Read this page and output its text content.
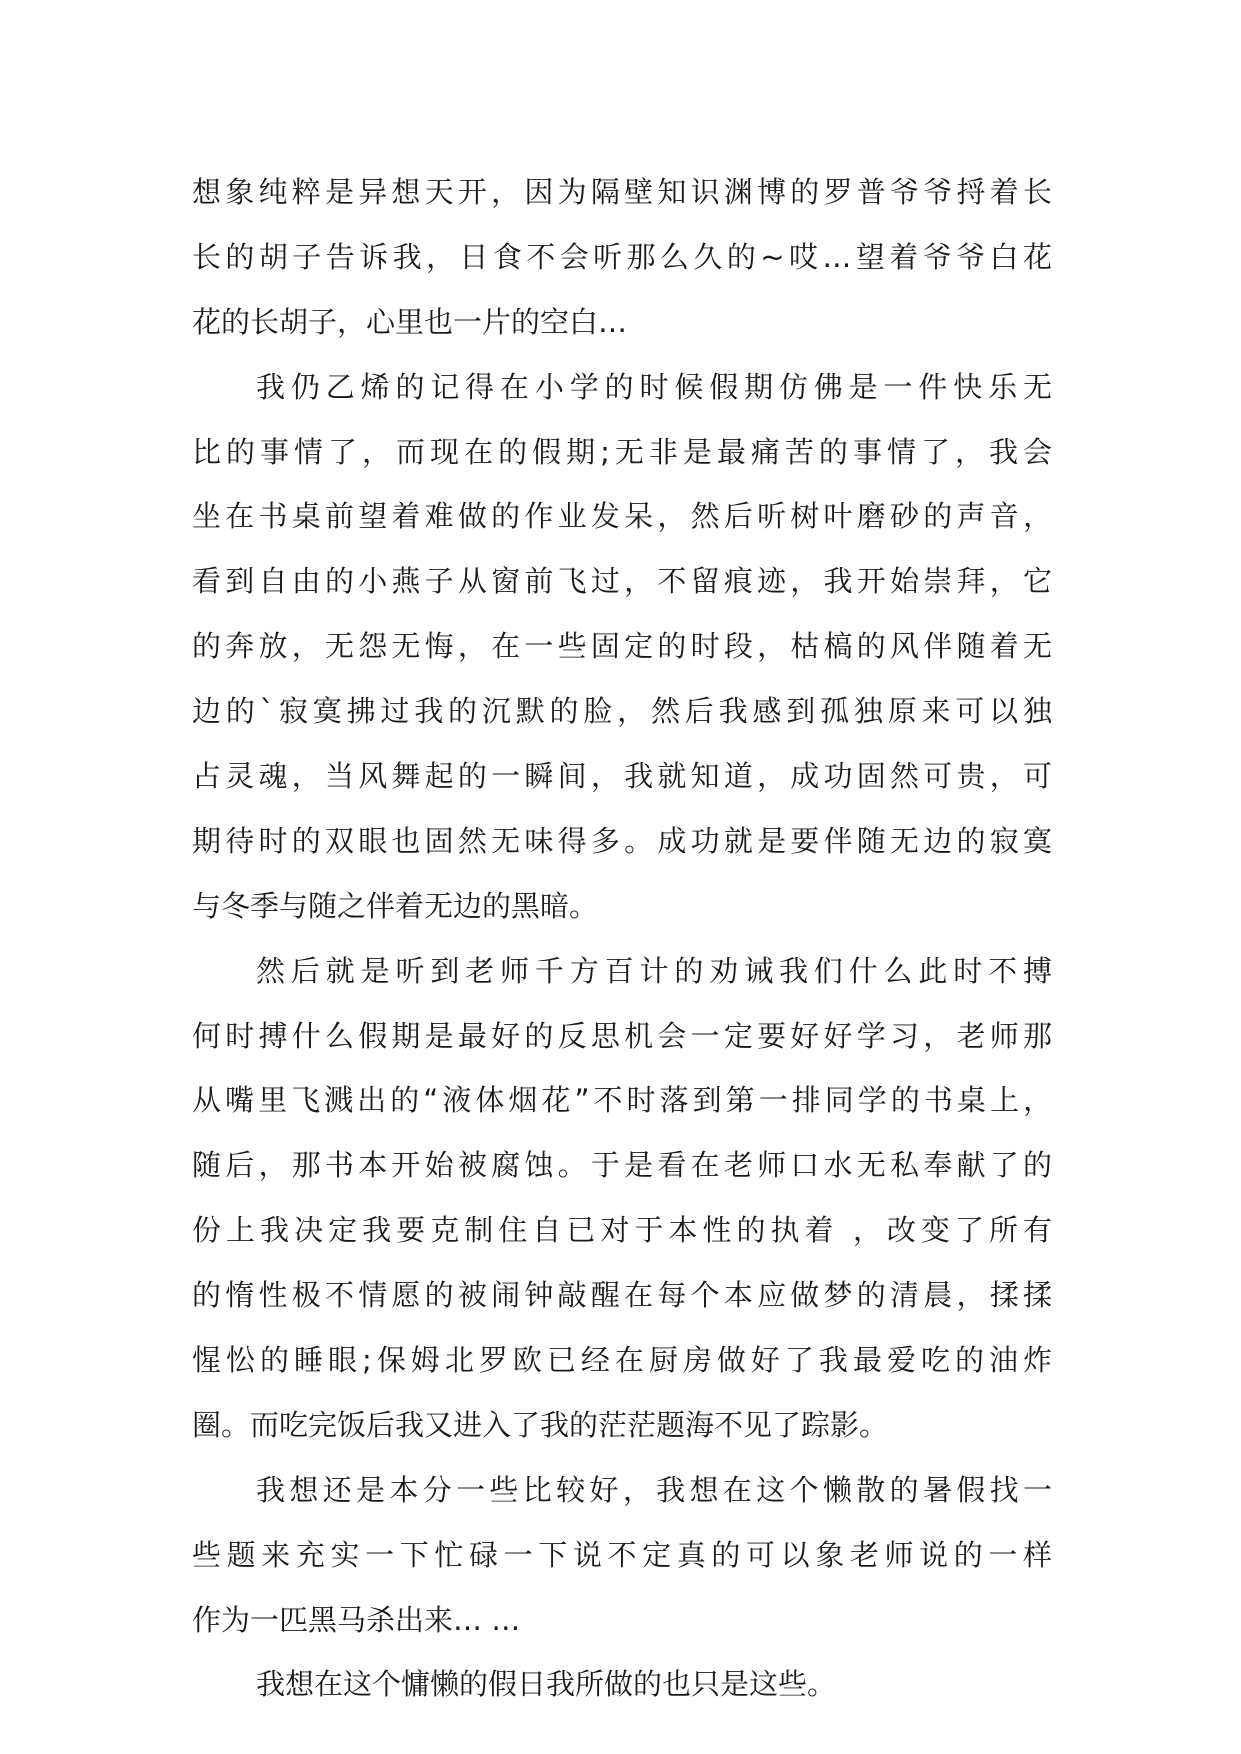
想象纯粹是异想天开，因为隔壁知识渊博的罗普爷爷捋着长
长的胡子告诉我，日食不会听那么久的~哎…望着爷爷白花
花的长胡子，心里也一片的空白…
我仍乙烯的记得在小学的时候假期仿佛是一件快乐无
比的事情了，而现在的假期;无非是最痛苦的事情了，我会
坐在书桌前望着难做的作业发呆，然后听树叶磨砂的声音，
看到自由的小燕子从窗前飞过，不留痕迹，我开始崇拜，它
的奔放，无怨无悔，在一些固定的时段，枯槁的风伴随着无
边的`寂寞拂过我的沉默的脸，然后我感到孤独原来可以独
占灵魂，当风舞起的一瞬间，我就知道，成功固然可贵，可
期待时的双眼也固然无味得多。成功就是要伴随无边的寂寞
与冬季与随之伴着无边的黑暗。
然后就是听到老师千方百计的劝诫我们什么此时不搏
何时搏什么假期是最好的反思机会一定要好好学习，老师那
从嘴里飞溅出的“液体烟花”不时落到第一排同学的书桌上，
随后，那书本开始被腐蚀。于是看在老师口水无私奉献了的
份上我决定我要克制住自已对于本性的执着 ，改变了所有
的惰性极不情愿的被闹钟敲醒在每个本应做梦的清晨，揉揉
惺忪的睡眼;保姆北罗欧已经在厨房做好了我最爱吃的油炸
圈。而吃完饭后我又进入了我的茫茫题海不见了踪影。
我想还是本分一些比较好，我想在这个懒散的暑假找一
些题来充实一下忙碌一下说不定真的可以象老师说的一样
作为一匹黑马杀出来… …
我想在这个慵懒的假日我所做的也只是这些。
